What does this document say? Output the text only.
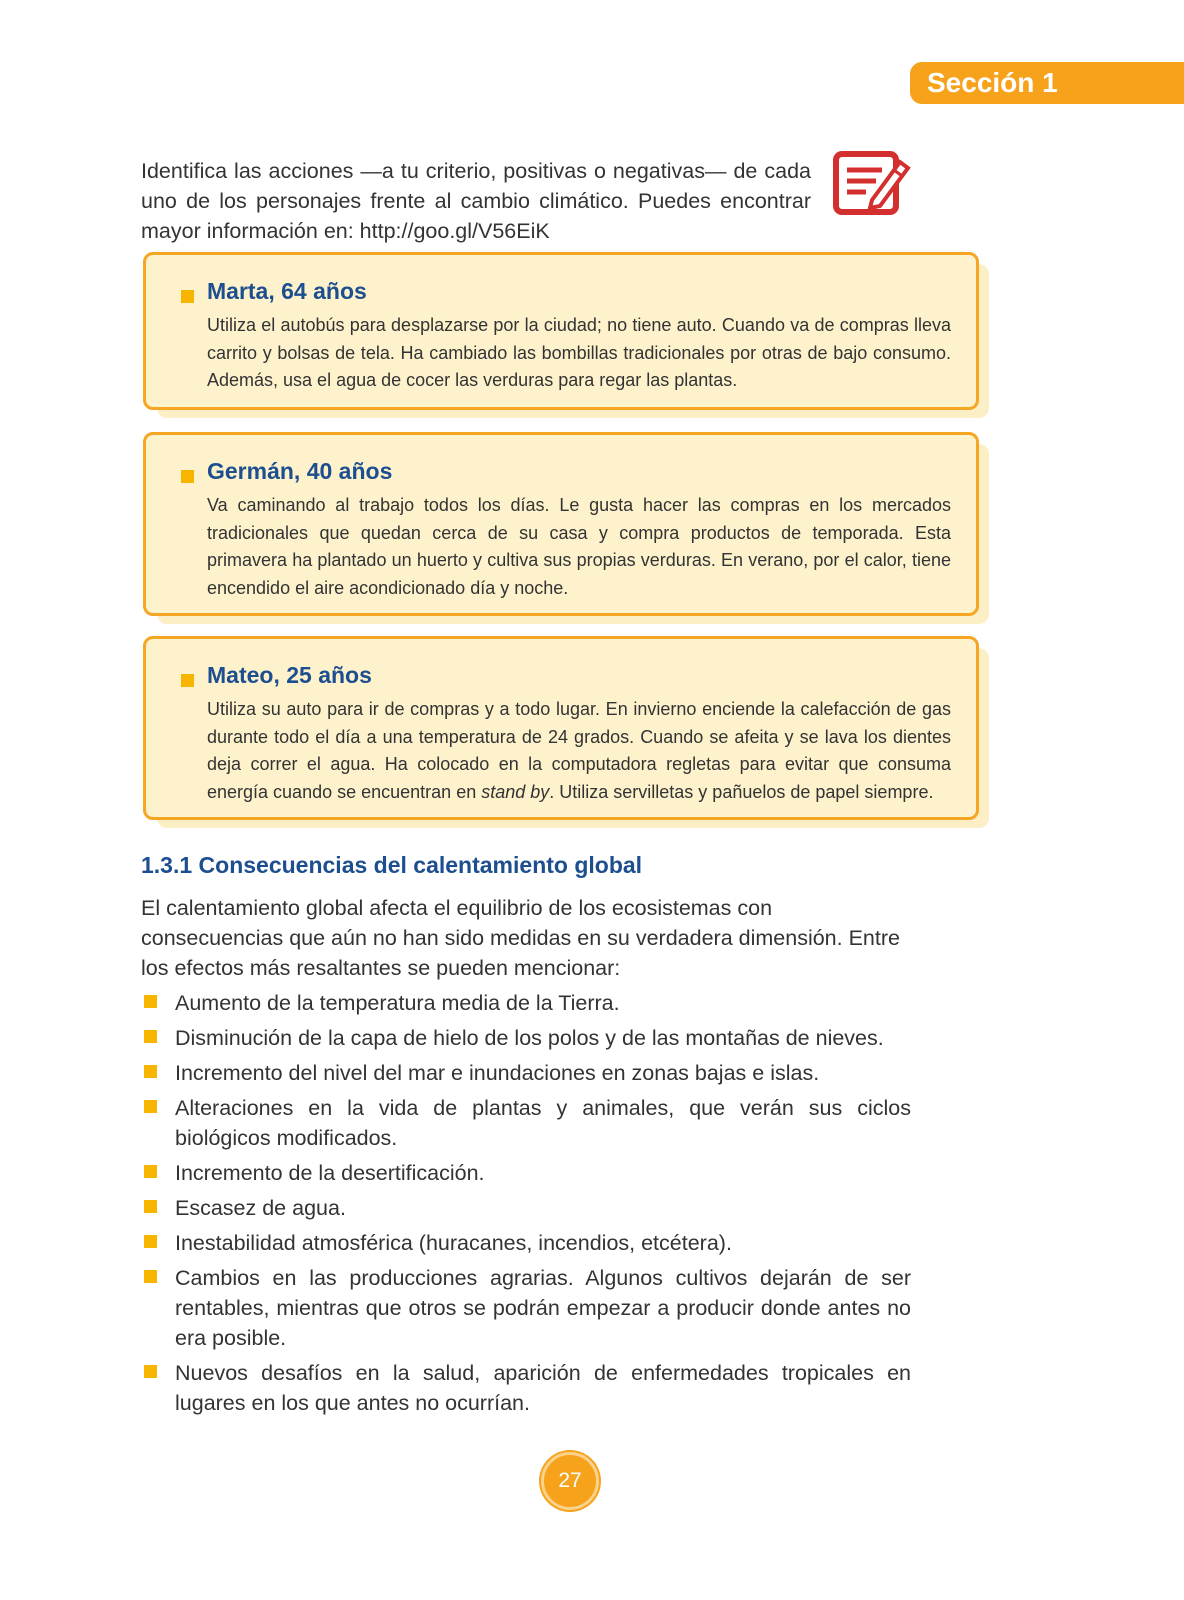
Sección 1
Identifica las acciones —a tu criterio, positivas o negativas— de cada uno de los personajes frente al cambio climático. Puedes encontrar mayor información en: http://goo.gl/V56EiK
Marta, 64 años

Utiliza el autobús para desplazarse por la ciudad; no tiene auto. Cuando va de compras lleva carrito y bolsas de tela. Ha cambiado las bombillas tradicionales por otras de bajo consumo. Además, usa el agua de cocer las verduras para regar las plantas.

Germán, 40 años

Va caminando al trabajo todos los días. Le gusta hacer las compras en los mercados tradicionales que quedan cerca de su casa y compra productos de temporada. Esta primavera ha plantado un huerto y cultiva sus propias verduras. En verano, por el calor, tiene encendido el aire acondicionado día y noche.

Mateo, 25 años

Utiliza su auto para ir de compras y a todo lugar. En invierno enciende la calefacción de gas durante todo el día a una temperatura de 24 grados. Cuando se afeita y se lava los dientes deja correr el agua. Ha colocado en la computadora regletas para evitar que consuma energía cuando se encuentran en stand by. Utiliza servilletas y pañuelos de papel siempre.

1.3.1 Consecuencias del calentamiento global
El calentamiento global afecta el equilibrio de los ecosistemas con consecuencias que aún no han sido medidas en su verdadera dimensión. Entre los efectos más resaltantes se pueden mencionar:
Aumento de la temperatura media de la Tierra.
Disminución de la capa de hielo de los polos y de las montañas de nieves.
Incremento del nivel del mar e inundaciones en zonas bajas e islas.
Alteraciones en la vida de plantas y animales, que verán sus ciclos biológicos modificados.
Incremento de la desertificación.
Escasez de agua.
Inestabilidad atmosférica (huracanes, incendios, etcétera).
Cambios en las producciones agrarias. Algunos cultivos dejarán de ser rentables, mientras que otros se podrán empezar a producir donde antes no era posible.
Nuevos desafíos en la salud, aparición de enfermedades tropicales en lugares en los que antes no ocurrían.
27
